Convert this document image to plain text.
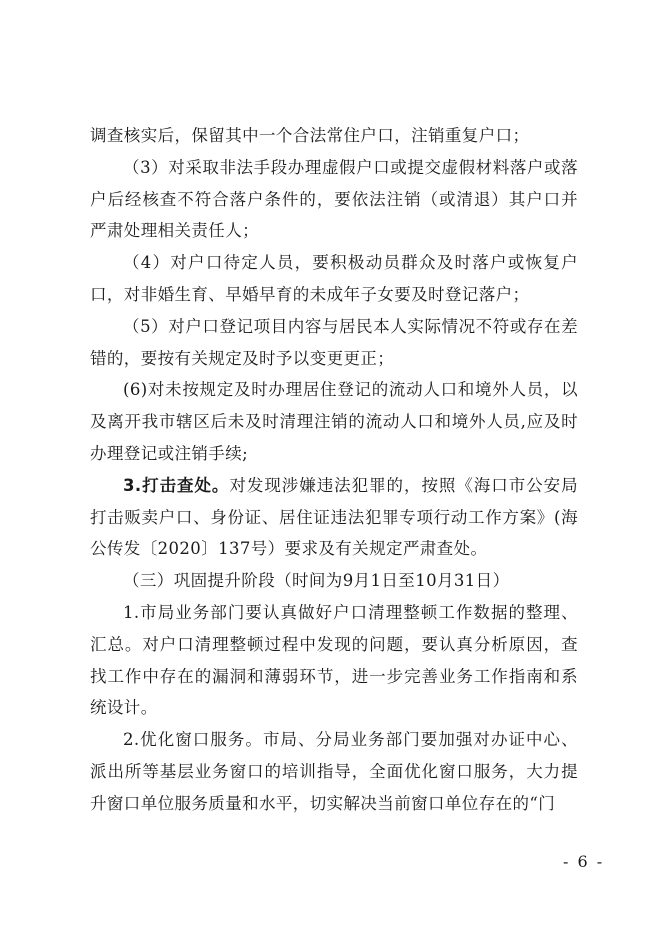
调查核实后，保留其中一个合法常住户口，注销重复户口；

（3）对采取非法手段办理虚假户口或提交虚假材料落户或落户后经核查不符合落户条件的，要依法注销（或清退）其户口并严肃处理相关责任人；

（4）对户口待定人员，要积极动员群众及时落户或恢复户口，对非婚生育、早婚早育的未成年子女要及时登记落户；

（5）对户口登记项目内容与居民本人实际情况不符或存在差错的，要按有关规定及时予以变更更正；

(6)对未按规定及时办理居住登记的流动人口和境外人员，以及离开我市辖区后未及时清理注销的流动人口和境外人员,应及时办理登记或注销手续;

3.打击查处。对发现涉嫌违法犯罪的，按照《海口市公安局打击贩卖户口、身份证、居住证违法犯罪专项行动工作方案》(海公传发〔2020〕137号）要求及有关规定严肃查处。

（三）巩固提升阶段（时间为9月1日至10月31日）

1.市局业务部门要认真做好户口清理整顿工作数据的整理、汇总。对户口清理整顿过程中发现的问题，要认真分析原因，查找工作中存在的漏洞和薄弱环节，进一步完善业务工作指南和系统设计。

2.优化窗口服务。市局、分局业务部门要加强对办证中心、派出所等基层业务窗口的培训指导，全面优化窗口服务，大力提升窗口单位服务质量和水平，切实解决当前窗口单位存在的“门

- 6 -
